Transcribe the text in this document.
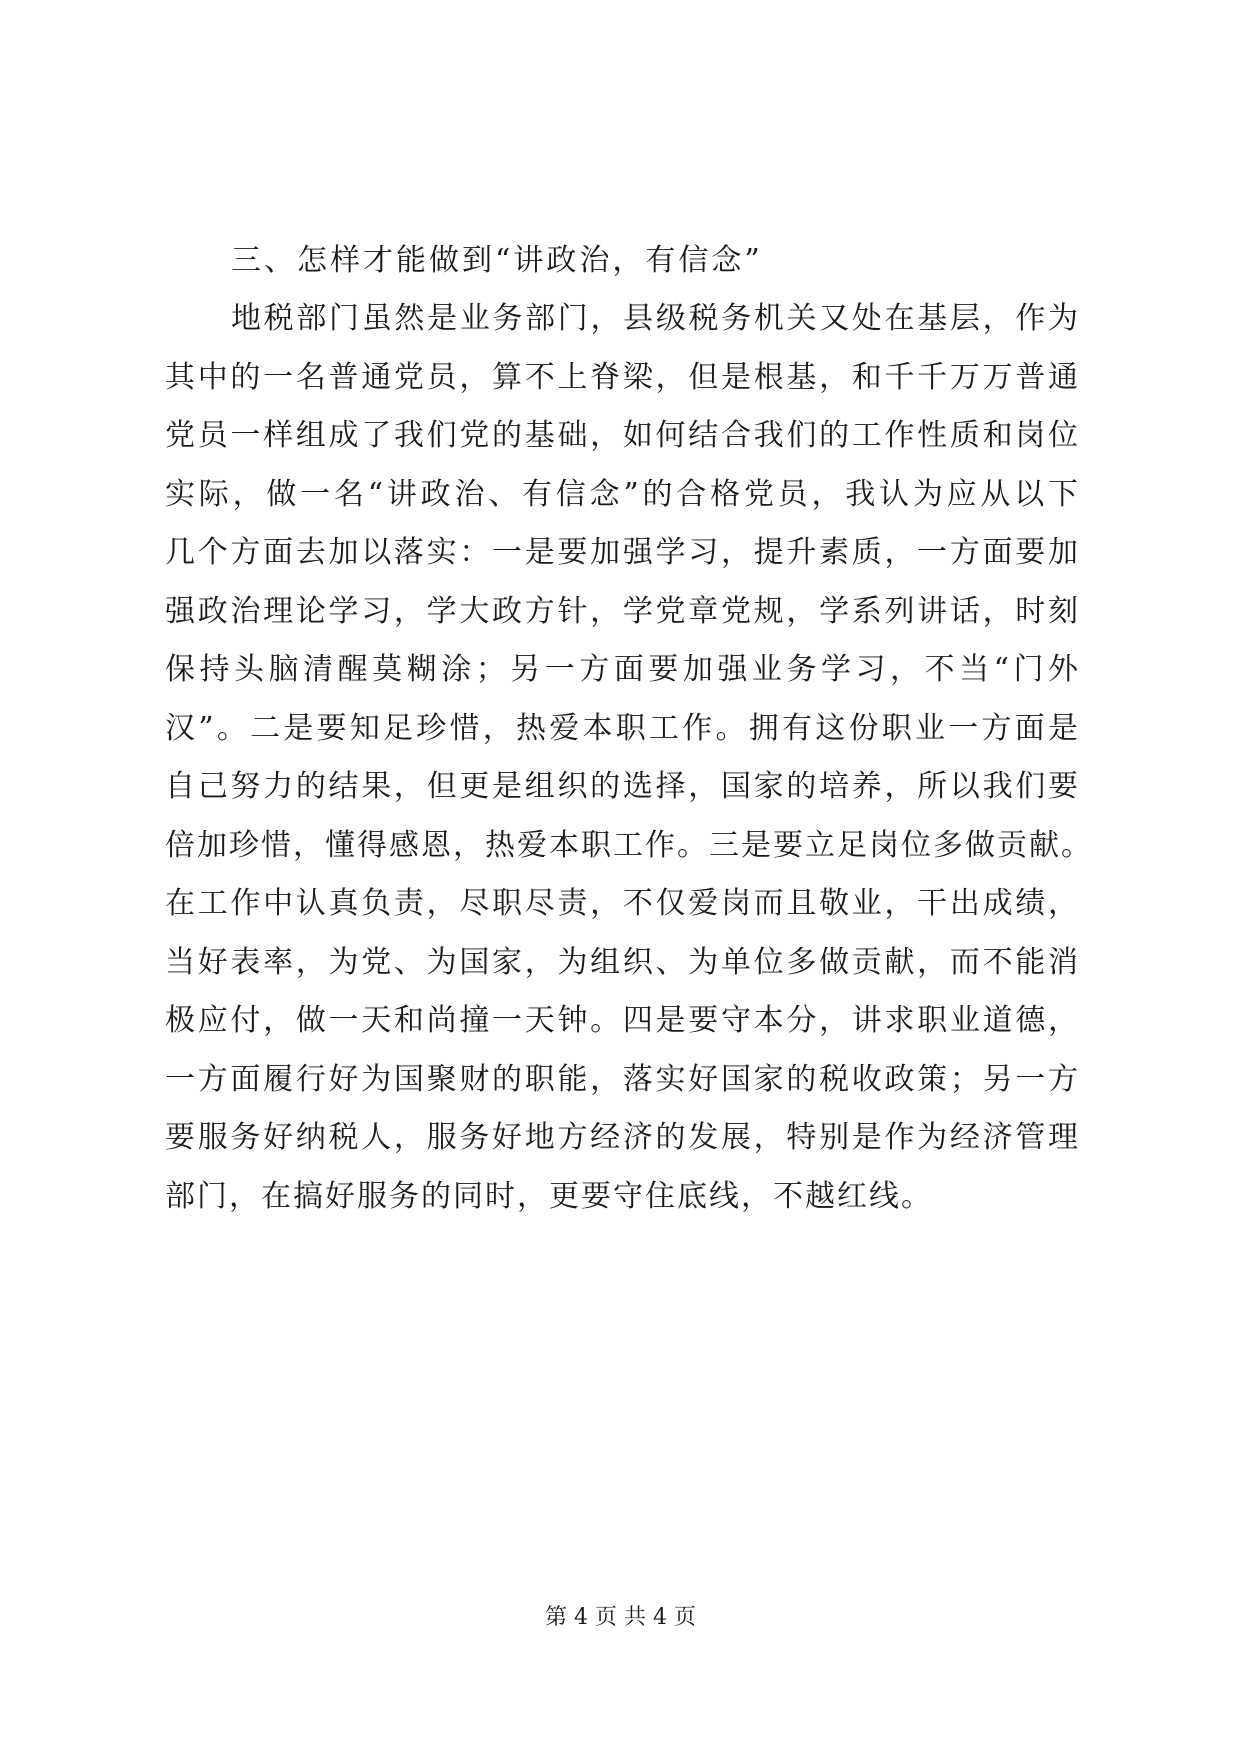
三、怎样才能做到“讲政治，有信念”
地税部门虽然是业务部门，县级税务机关又处在基层，作为
其中的一名普通党员，算不上脊梁，但是根基，和千千万万普通
党员一样组成了我们党的基础，如何结合我们的工作性质和岗位
实际，做一名“讲政治、有信念”的合格党员，我认为应从以下
几个方面去加以落实：一是要加强学习，提升素质，一方面要加
强政治理论学习，学大政方针，学党章党规，学系列讲话，时刻
保持头脑清醒莫糊涂；另一方面要加强业务学习，不当“门外
汉”。二是要知足珍惜，热爱本职工作。拥有这份职业一方面是
自己努力的结果，但更是组织的选择，国家的培养，所以我们要
倍加珍惜，懂得感恩，热爱本职工作。三是要立足岗位多做贡献。
在工作中认真负责，尽职尽责，不仅爱岗而且敬业，干出成绩，
当好表率，为党、为国家，为组织、为单位多做贡献，而不能消
极应付，做一天和尚撞一天钟。四是要守本分，讲求职业道德，
一方面履行好为国聚财的职能，落实好国家的税收政策；另一方
要服务好纳税人，服务好地方经济的发展，特别是作为经济管理
部门，在搞好服务的同时，更要守住底线，不越红线。
第 4 页 共 4 页
